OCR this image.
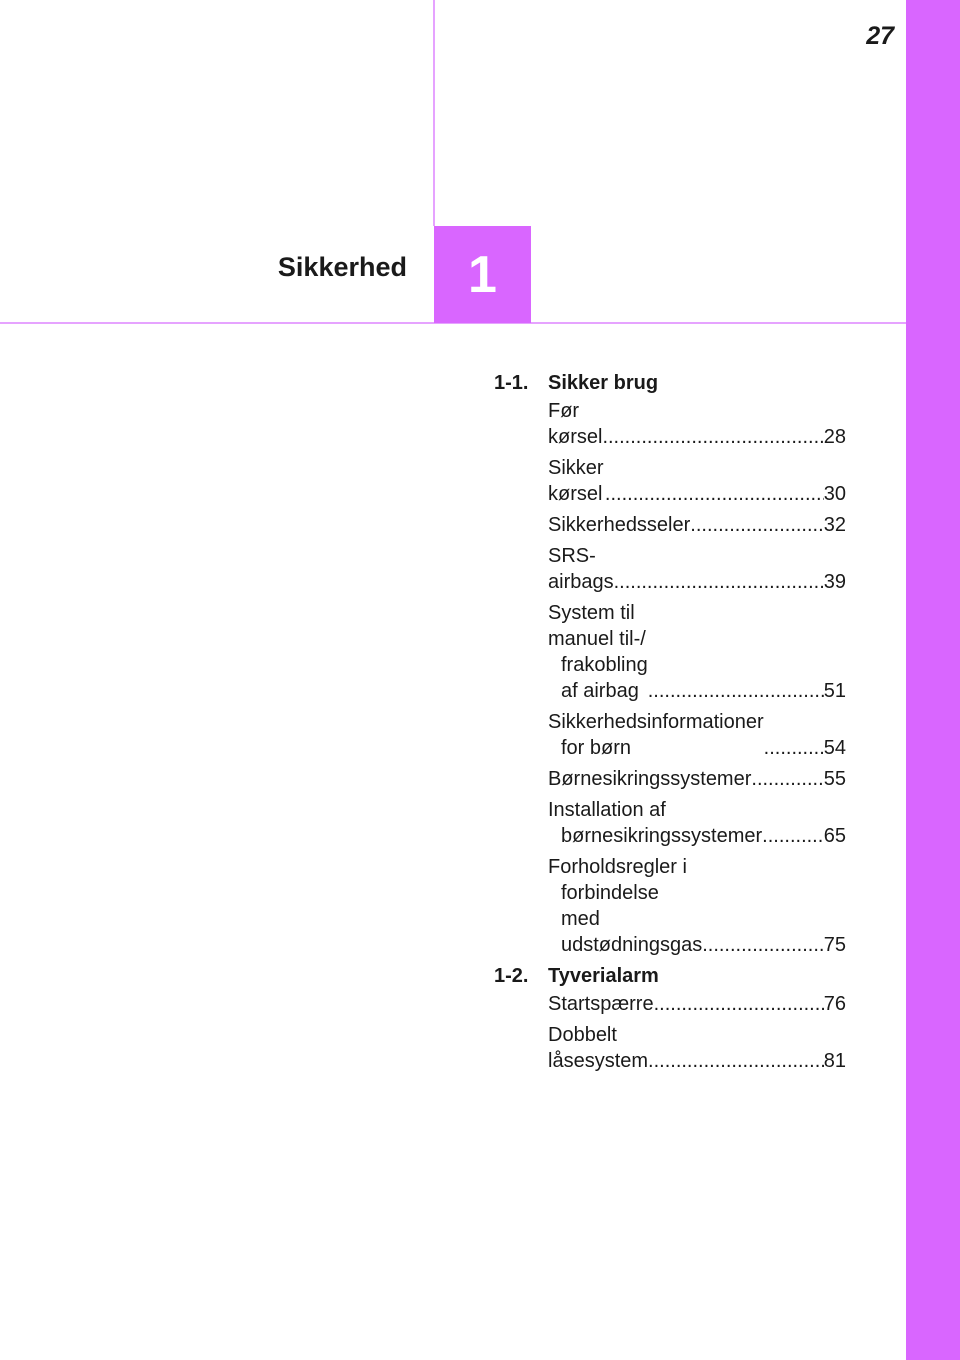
27
1
Sikkerhed
1-1. Sikker brug
Før kørsel .....	28
Sikker kørsel .....	30
Sikkerhedsseler .....	32
SRS-airbags .....	39
System til manuel til-/
frakobling af airbag .....	51
Sikkerhedsinformationer
for børn .....	54
Børnesikringssystemer .....	55
Installation af
børnesikringssystemer .....	65
Forholdsregler i
forbindelse med
udstødningsgas .....	75
1-2. Tyverialarm
Startspærre .....	76
Dobbelt låsesystem .....	81
